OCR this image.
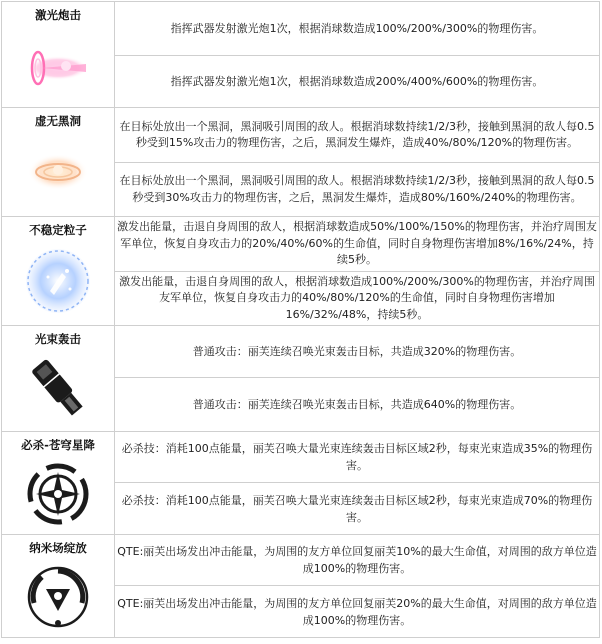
激光炮击	指挥武器发射激光炮1次，根据消球数造成100%/200%/300%的物理伤害。
	指挥武器发射激光炮1次，根据消球数造成200%/400%/600%的物理伤害。

虚无黑洞	在目标处放出一个黑洞，黑洞吸引周围的敌人。根据消球数持续1/2/3秒，接触到黑洞的敌人每0.5秒受到15%攻击力的物理伤害，之后，黑洞发生爆炸，造成40%/80%/120%的物理伤害。
	在目标处放出一个黑洞，黑洞吸引周围的敌人。根据消球数持续1/2/3秒，接触到黑洞的敌人每0.5秒受到30%攻击力的物理伤害，之后，黑洞发生爆炸，造成80%/160%/240%的物理伤害。

不稳定粒子	激发出能量，击退自身周围的敌人，根据消球数造成50%/100%/150%的物理伤害，并治疗周围友军单位，恢复自身攻击力的20%/40%/60%的生命值，同时自身物理伤害增加8%/16%/24%，持续5秒。
	激发出能量，击退自身周围的敌人，根据消球数造成100%/200%/300%的物理伤害，并治疗周围友军单位，恢复自身攻击力的40%/80%/120%的生命值，同时自身物理伤害增加16%/32%/48%，持续5秒。

光束轰击	普通攻击：丽芙连续召唤光束轰击目标，共造成320%的物理伤害。
	普通攻击：丽芙连续召唤光束轰击目标，共造成640%的物理伤害。

必杀-苍穹星降	必杀技：消耗100点能量，丽芙召唤大量光束连续轰击目标区域2秒，每束光束造成35%的物理伤害。
	必杀技：消耗100点能量，丽芙召唤大量光束连续轰击目标区域2秒，每束光束造成70%的物理伤害。

纳米场绽放	QTE:丽芙出场发出冲击能量，为周围的友方单位回复丽芙10%的最大生命值，对周围的敌方单位造成100%的物理伤害。
	QTE:丽芙出场发出冲击能量，为周围的友方单位回复丽芙20%的最大生命值，对周围的敌方单位造成100%的物理伤害。
